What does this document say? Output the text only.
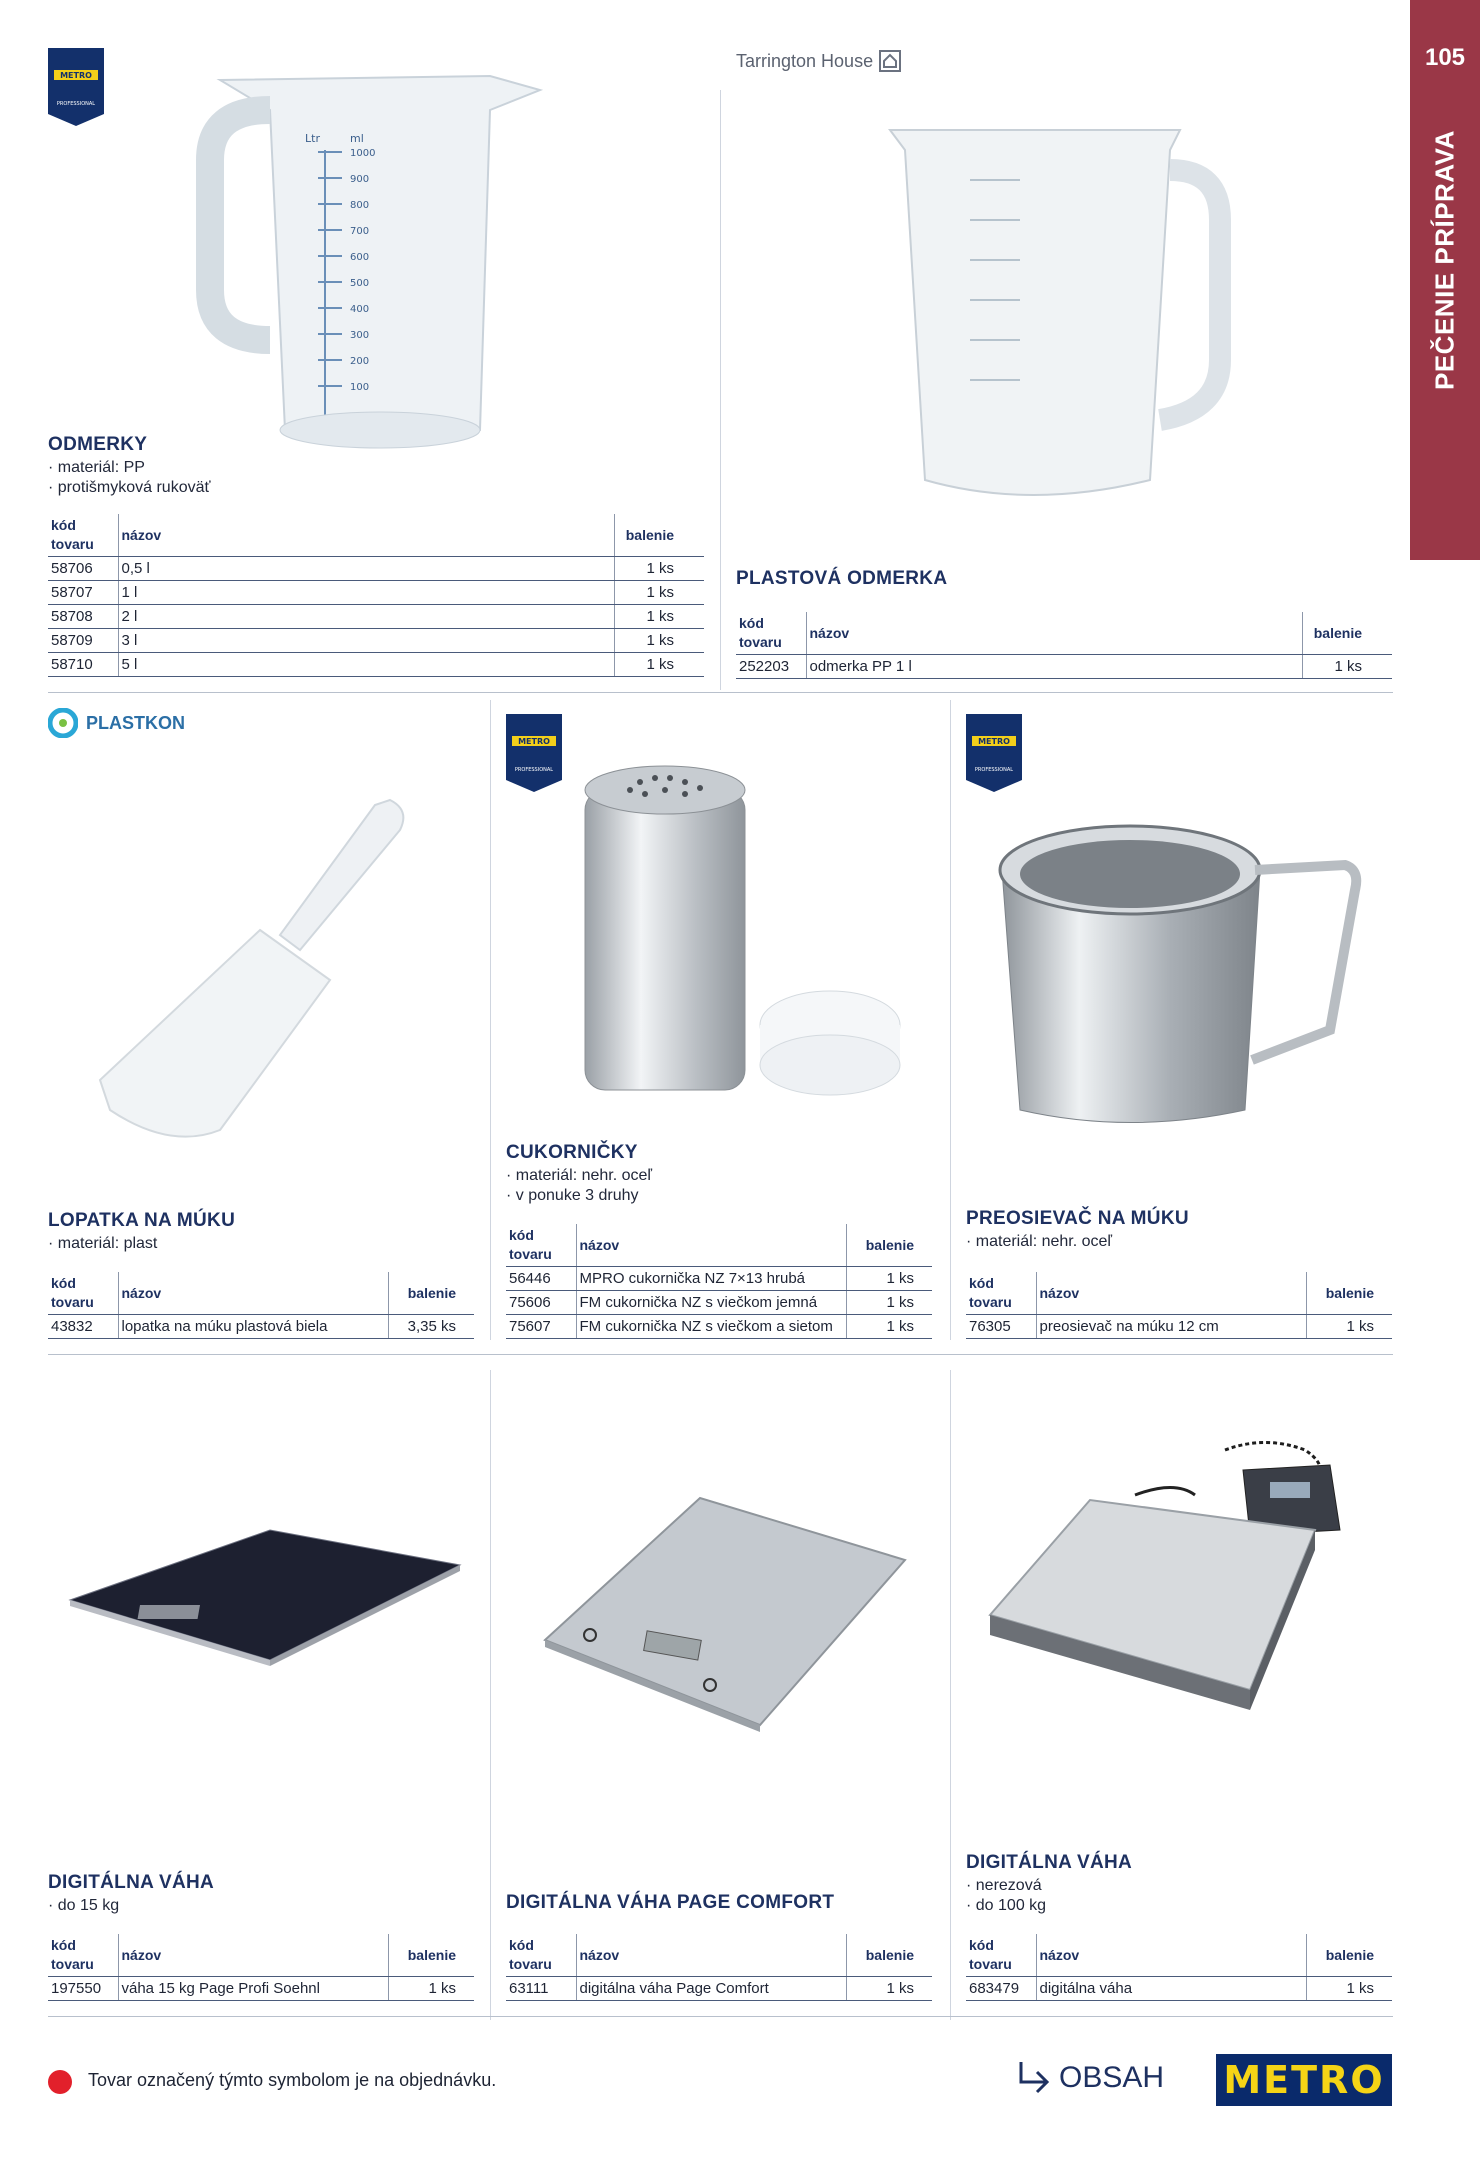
105
PEČENIE PRÍPRAVA
METRO
PROFESSIONAL
Ltr	ml
1000
900
800
700
600
500
400
300
200
100
ODMERKY
· materiál: PP
· protišmyková rukoväť
kód tovaru	názov	balenie
58706	0,5 l	1 ks
58707	1 l	1 ks
58708	2 l	1 ks
58709	3 l	1 ks
58710	5 l	1 ks
Tarrington House
PLASTOVÁ ODMERKA
kód tovaru	názov	balenie
252203	odmerka PP 1 l	1 ks
PLASTKON
LOPATKA NA MÚKU
· materiál: plast
kód tovaru	názov	balenie
43832	lopatka na múku plastová biela	3,35 ks
METRO
PROFESSIONAL
METRO
PROFESSIONAL
CUKORNIČKY
· materiál: nehr. oceľ
· v ponuke 3 druhy
kód tovaru	názov	balenie
56446	MPRO cukornička NZ 7×13 hrubá	1 ks
75606	FM cukornička NZ s viečkom jemná	1 ks
75607	FM cukornička NZ s viečkom a sietom	1 ks
PREOSIEVAČ NA MÚKU
· materiál: nehr. oceľ
kód tovaru	názov	balenie
76305	preosievač na múku 12 cm	1 ks
DIGITÁLNA VÁHA
· do 15 kg
kód tovaru	názov	balenie
197550	váha 15 kg Page Profi Soehnl	1 ks
DIGITÁLNA VÁHA PAGE COMFORT
kód tovaru	názov	balenie
63111	digitálna váha Page Comfort	1 ks
DIGITÁLNA VÁHA
· nerezová
· do 100 kg
kód tovaru	názov	balenie
683479	digitálna váha	1 ks
Tovar označený týmto symbolom je na objednávku.	OBSAH METRO
